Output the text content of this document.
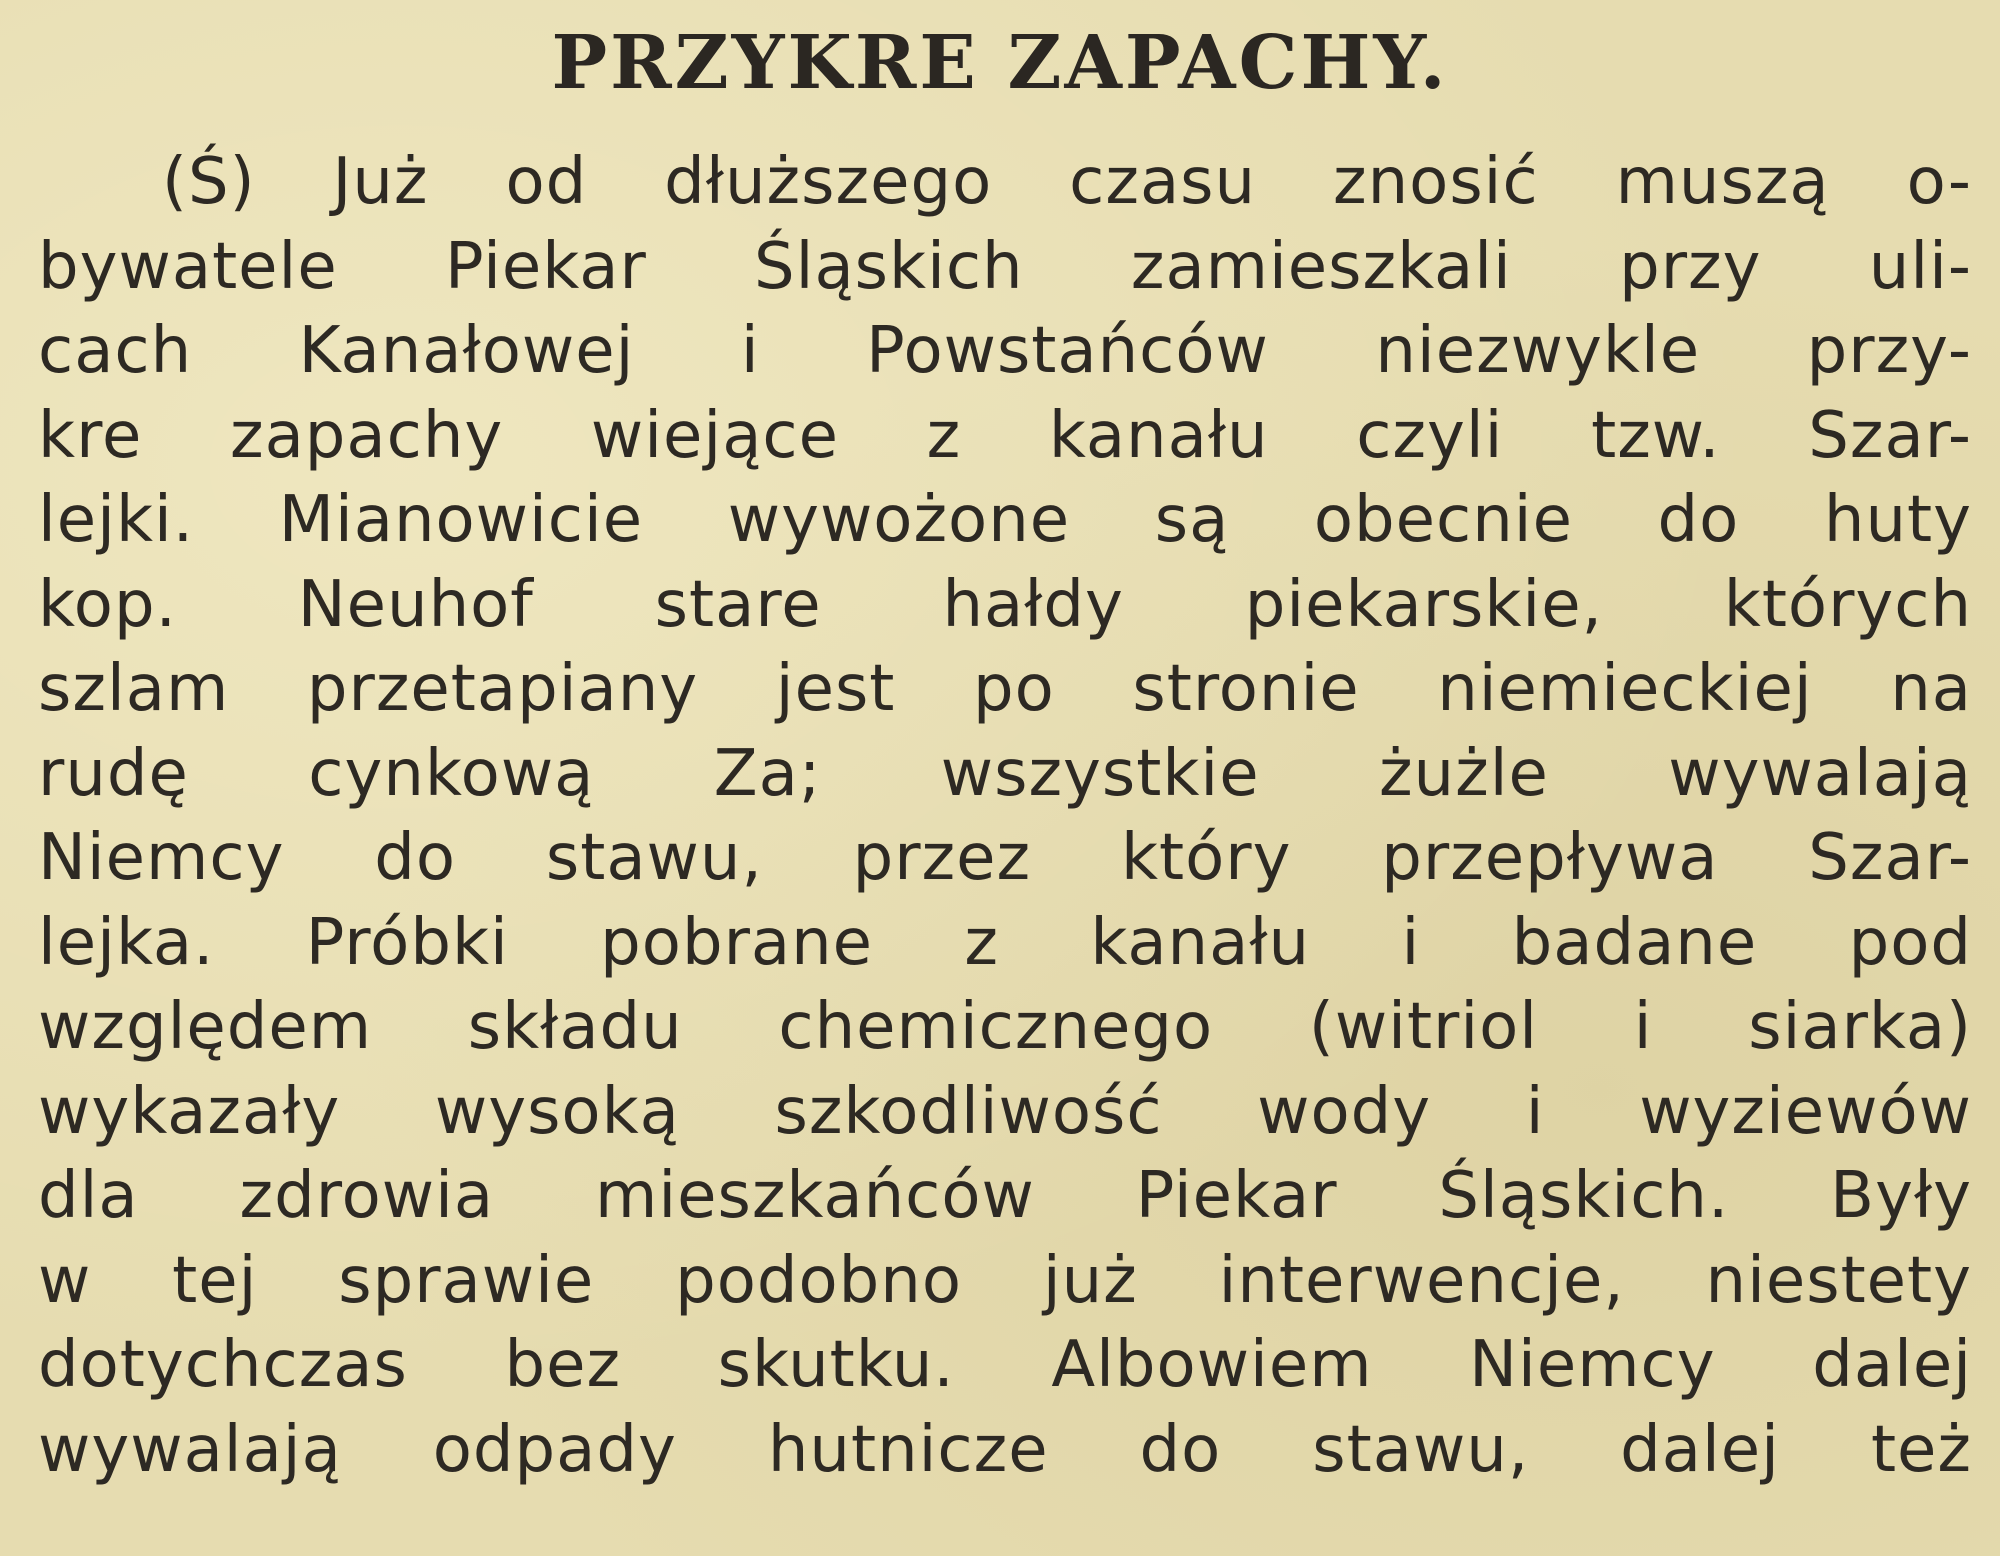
PRZYKRE ZAPACHY.
(Ś) Już od dłuższego czasu znosić muszą o-
bywatele Piekar Śląskich zamieszkali przy uli-
cach Kanałowej i Powstańców niezwykle przy-
kre zapachy wiejące z kanału czyli tzw. Szar-
lejki. Mianowicie wywożone są obecnie do huty
kop. Neuhof stare hałdy piekarskie, których
szlam przetapiany jest po stronie niemieckiej na
rudę cynkową Za; wszystkie żużle wywalają
Niemcy do stawu, przez który przepływa Szar-
lejka. Próbki pobrane z kanału i badane pod
względem składu chemicznego (witriol i siarka)
wykazały wysoką szkodliwość wody i wyziewów
dla zdrowia mieszkańców Piekar Śląskich. Były
w tej sprawie podobno już interwencje, niestety
dotychczas bez skutku. Albowiem Niemcy dalej
wywalają odpady hutnicze do stawu, dalej też
